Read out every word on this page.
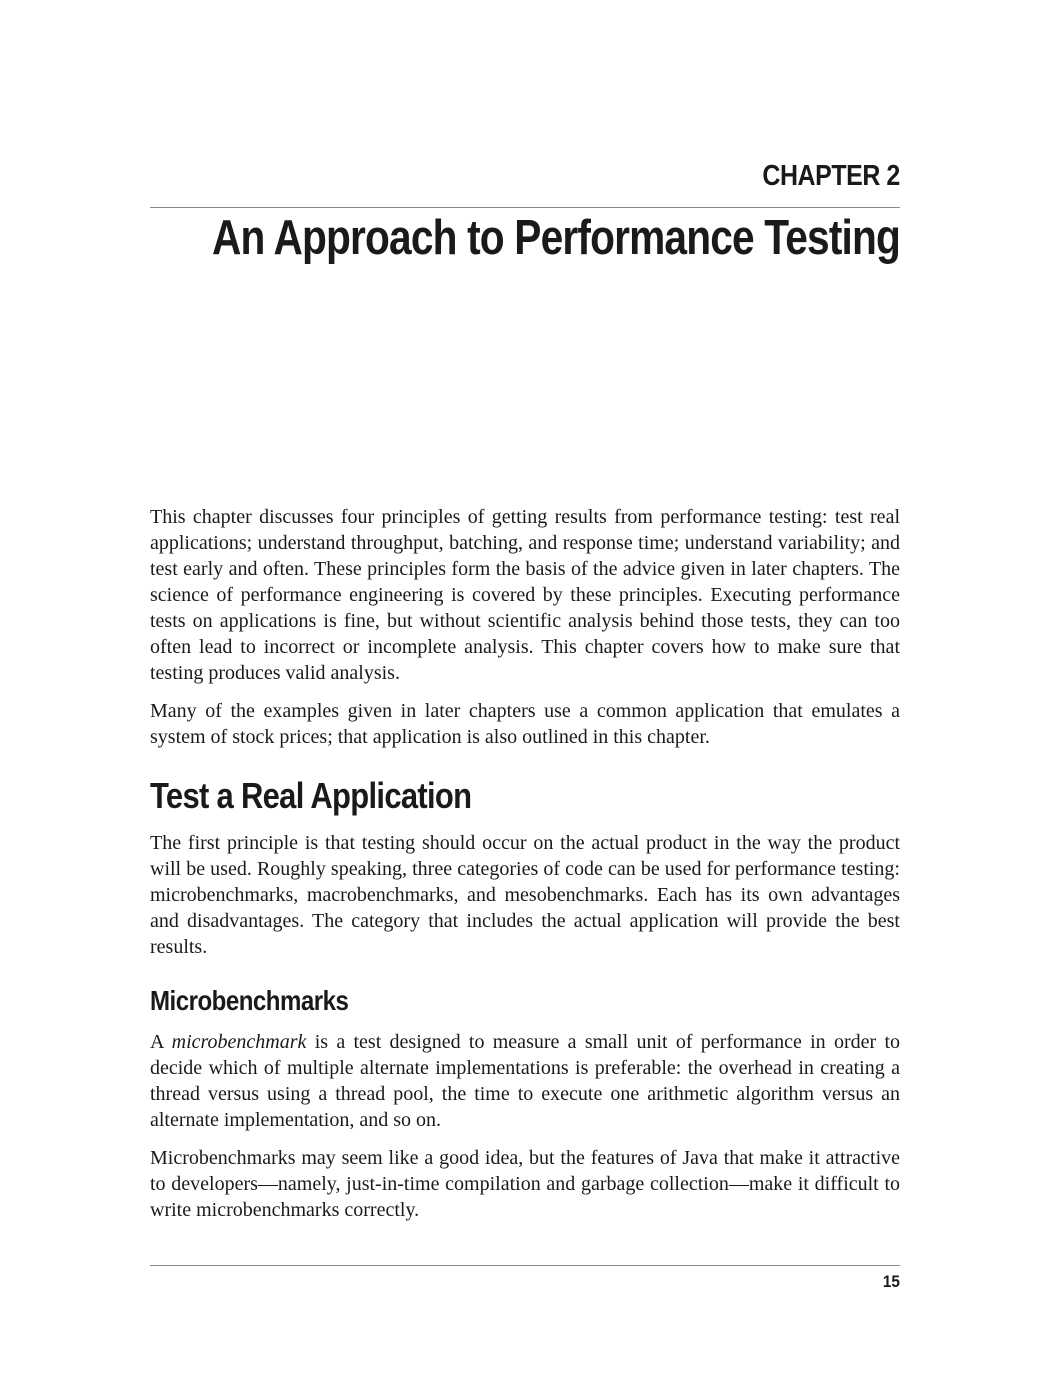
CHAPTER 2
An Approach to Performance Testing

This chapter discusses four principles of getting results from performance testing: test real applications; understand throughput, batching, and response time; understand variability; and test early and often. These principles form the basis of the advice given in later chapters. The science of performance engineering is covered by these principles. Executing performance tests on applications is fine, but without scientific analysis behind those tests, they can too often lead to incorrect or incomplete analysis. This chapter covers how to make sure that testing produces valid analysis.

Many of the examples given in later chapters use a common application that emulates a system of stock prices; that application is also outlined in this chapter.

Test a Real Application

The first principle is that testing should occur on the actual product in the way the product will be used. Roughly speaking, three categories of code can be used for performance testing: microbenchmarks, macrobenchmarks, and mesobenchmarks. Each has its own advantages and disadvantages. The category that includes the actual application will provide the best results.

Microbenchmarks

A microbenchmark is a test designed to measure a small unit of performance in order to decide which of multiple alternate implementations is preferable: the overhead in creating a thread versus using a thread pool, the time to execute one arithmetic algorithm versus an alternate implementation, and so on.

Microbenchmarks may seem like a good idea, but the features of Java that make it attractive to developers—namely, just-in-time compilation and garbage collection—make it difficult to write microbenchmarks correctly.

15
